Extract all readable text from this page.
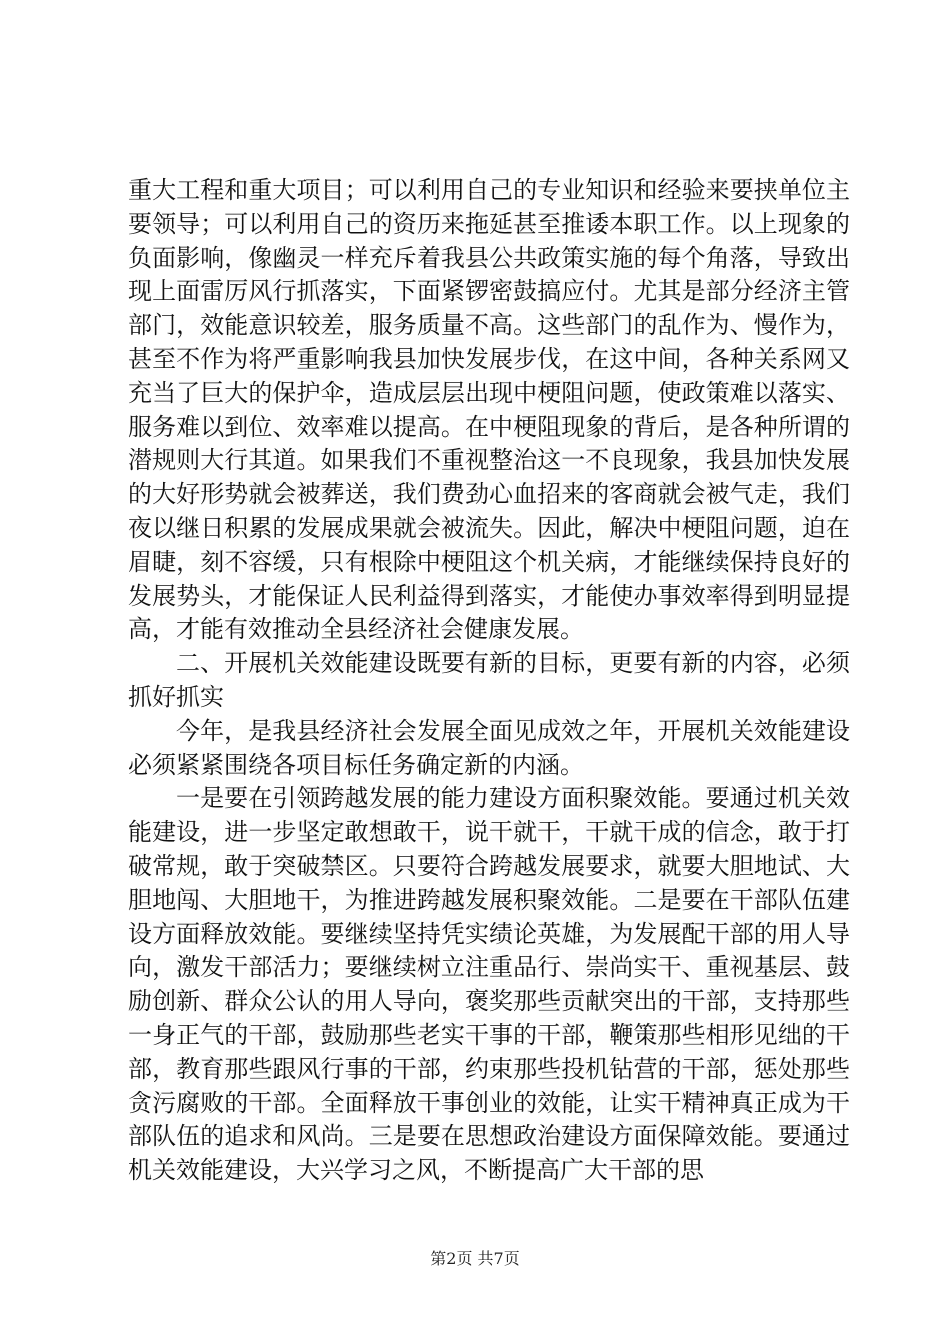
重大工程和重大项目；可以利用自己的专业知识和经验来要挟单位主要领导；可以利用自己的资历来拖延甚至推诿本职工作。以上现象的负面影响，像幽灵一样充斥着我县公共政策实施的每个角落，导致出现上面雷厉风行抓落实，下面紧锣密鼓搞应付。尤其是部分经济主管部门，效能意识较差，服务质量不高。这些部门的乱作为、慢作为，甚至不作为将严重影响我县加快发展步伐，在这中间，各种关系网又充当了巨大的保护伞，造成层层出现中梗阻问题，使政策难以落实、服务难以到位、效率难以提高。在中梗阻现象的背后，是各种所谓的潜规则大行其道。如果我们不重视整治这一不良现象，我县加快发展的大好形势就会被葬送，我们费劲心血招来的客商就会被气走，我们夜以继日积累的发展成果就会被流失。因此，解决中梗阻问题，迫在眉睫，刻不容缓，只有根除中梗阻这个机关病，才能继续保持良好的发展势头，才能保证人民利益得到落实，才能使办事效率得到明显提高，才能有效推动全县经济社会健康发展。

二、开展机关效能建设既要有新的目标，更要有新的内容，必须抓好抓实

今年，是我县经济社会发展全面见成效之年，开展机关效能建设必须紧紧围绕各项目标任务确定新的内涵。

一是要在引领跨越发展的能力建设方面积聚效能。要通过机关效能建设，进一步坚定敢想敢干，说干就干，干就干成的信念，敢于打破常规，敢于突破禁区。只要符合跨越发展要求，就要大胆地试、大胆地闯、大胆地干，为推进跨越发展积聚效能。二是要在干部队伍建设方面释放效能。要继续坚持凭实绩论英雄，为发展配干部的用人导向，激发干部活力；要继续树立注重品行、崇尚实干、重视基层、鼓励创新、群众公认的用人导向，褒奖那些贡献突出的干部，支持那些一身正气的干部，鼓励那些老实干事的干部，鞭策那些相形见绌的干部，教育那些跟风行事的干部，约束那些投机钻营的干部，惩处那些贪污腐败的干部。全面释放干事创业的效能，让实干精神真正成为干部队伍的追求和风尚。三是要在思想政治建设方面保障效能。要通过机关效能建设，大兴学习之风，不断提高广大干部的思

第2页 共7页
